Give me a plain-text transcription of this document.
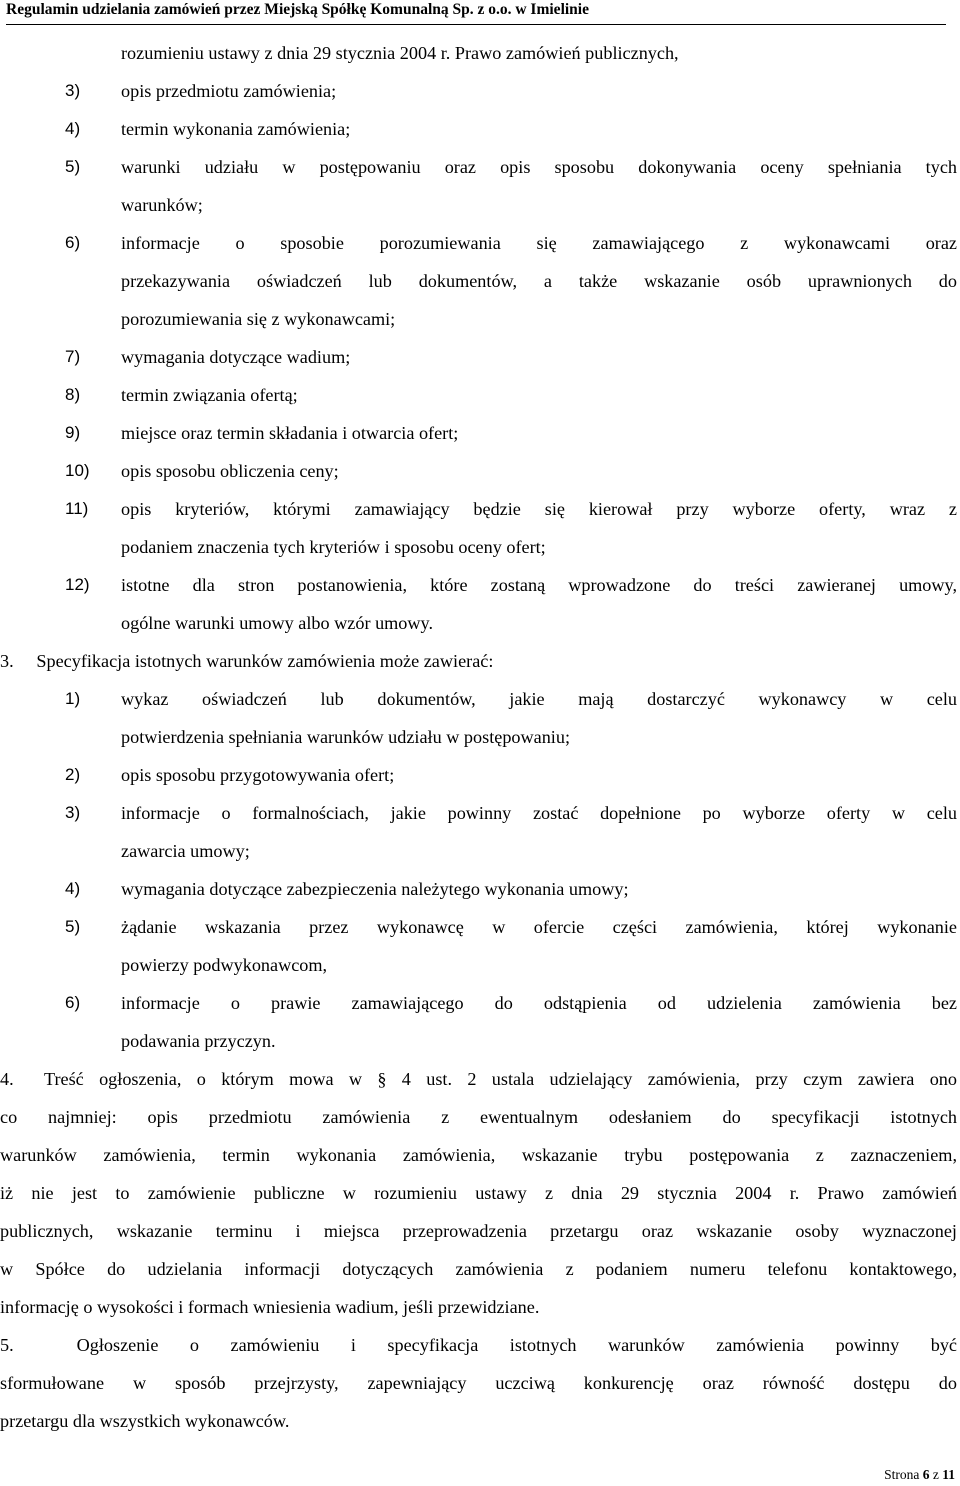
Regulamin udzielania zamówień przez Miejską Spółkę Komunalną Sp. z o.o. w Imielinie
rozumieniu ustawy z dnia 29 stycznia 2004 r. Prawo zamówień publicznych,
3) opis przedmiotu zamówienia;
4) termin wykonania zamówienia;
5) warunki udziału w postępowaniu oraz opis sposobu dokonywania oceny spełniania tych
warunków;
6) informacje o sposobie porozumiewania się zamawiającego z wykonawcami oraz
przekazywania oświadczeń lub dokumentów, a także wskazanie osób uprawnionych do
porozumiewania się z wykonawcami;
7) wymagania dotyczące wadium;
8) termin związania ofertą;
9) miejsce oraz termin składania i otwarcia ofert;
10) opis sposobu obliczenia ceny;
11) opis kryteriów, którymi zamawiający będzie się kierował przy wyborze oferty, wraz z
podaniem znaczenia tych kryteriów i sposobu oceny ofert;
12) istotne dla stron postanowienia, które zostaną wprowadzone do treści zawieranej umowy,
ogólne warunki umowy albo wzór umowy.
3.     Specyfikacja istotnych warunków zamówienia może zawierać:
1) wykaz oświadczeń lub dokumentów, jakie mają dostarczyć wykonawcy w celu
potwierdzenia spełniania warunków udziału w postępowaniu;
2) opis sposobu przygotowywania ofert;
3) informacje o formalnościach, jakie powinny zostać dopełnione po wyborze oferty w celu
zawarcia umowy;
4) wymagania dotyczące zabezpieczenia należytego wykonania umowy;
5) żądanie wskazania przez wykonawcę w ofercie części zamówienia, której wykonanie
powierzy podwykonawcom,
6) informacje o prawie zamawiającego do odstąpienia od udzielenia zamówienia bez
podawania przyczyn.
4.  Treść ogłoszenia, o którym mowa w § 4 ust. 2 ustala udzielający zamówienia, przy czym zawiera ono
co najmniej: opis przedmiotu zamówienia z ewentualnym odesłaniem do specyfikacji istotnych
warunków zamówienia, termin wykonania zamówienia, wskazanie trybu postępowania z zaznaczeniem,
iż nie jest to zamówienie publiczne w rozumieniu ustawy z dnia 29 stycznia 2004 r. Prawo zamówień
publicznych, wskazanie terminu i miejsca przeprowadzenia przetargu oraz wskazanie osoby wyznaczonej
w Spółce do udzielania informacji dotyczących zamówienia z podaniem numeru telefonu kontaktowego,
informację o wysokości i formach wniesienia wadium, jeśli przewidziane.
5.  Ogłoszenie o zamówieniu i specyfikacja istotnych warunków zamówienia powinny być
sformułowane w sposób przejrzysty, zapewniający uczciwą konkurencję oraz równość dostępu do
przetargu dla wszystkich wykonawców.
Strona 6 z 11
